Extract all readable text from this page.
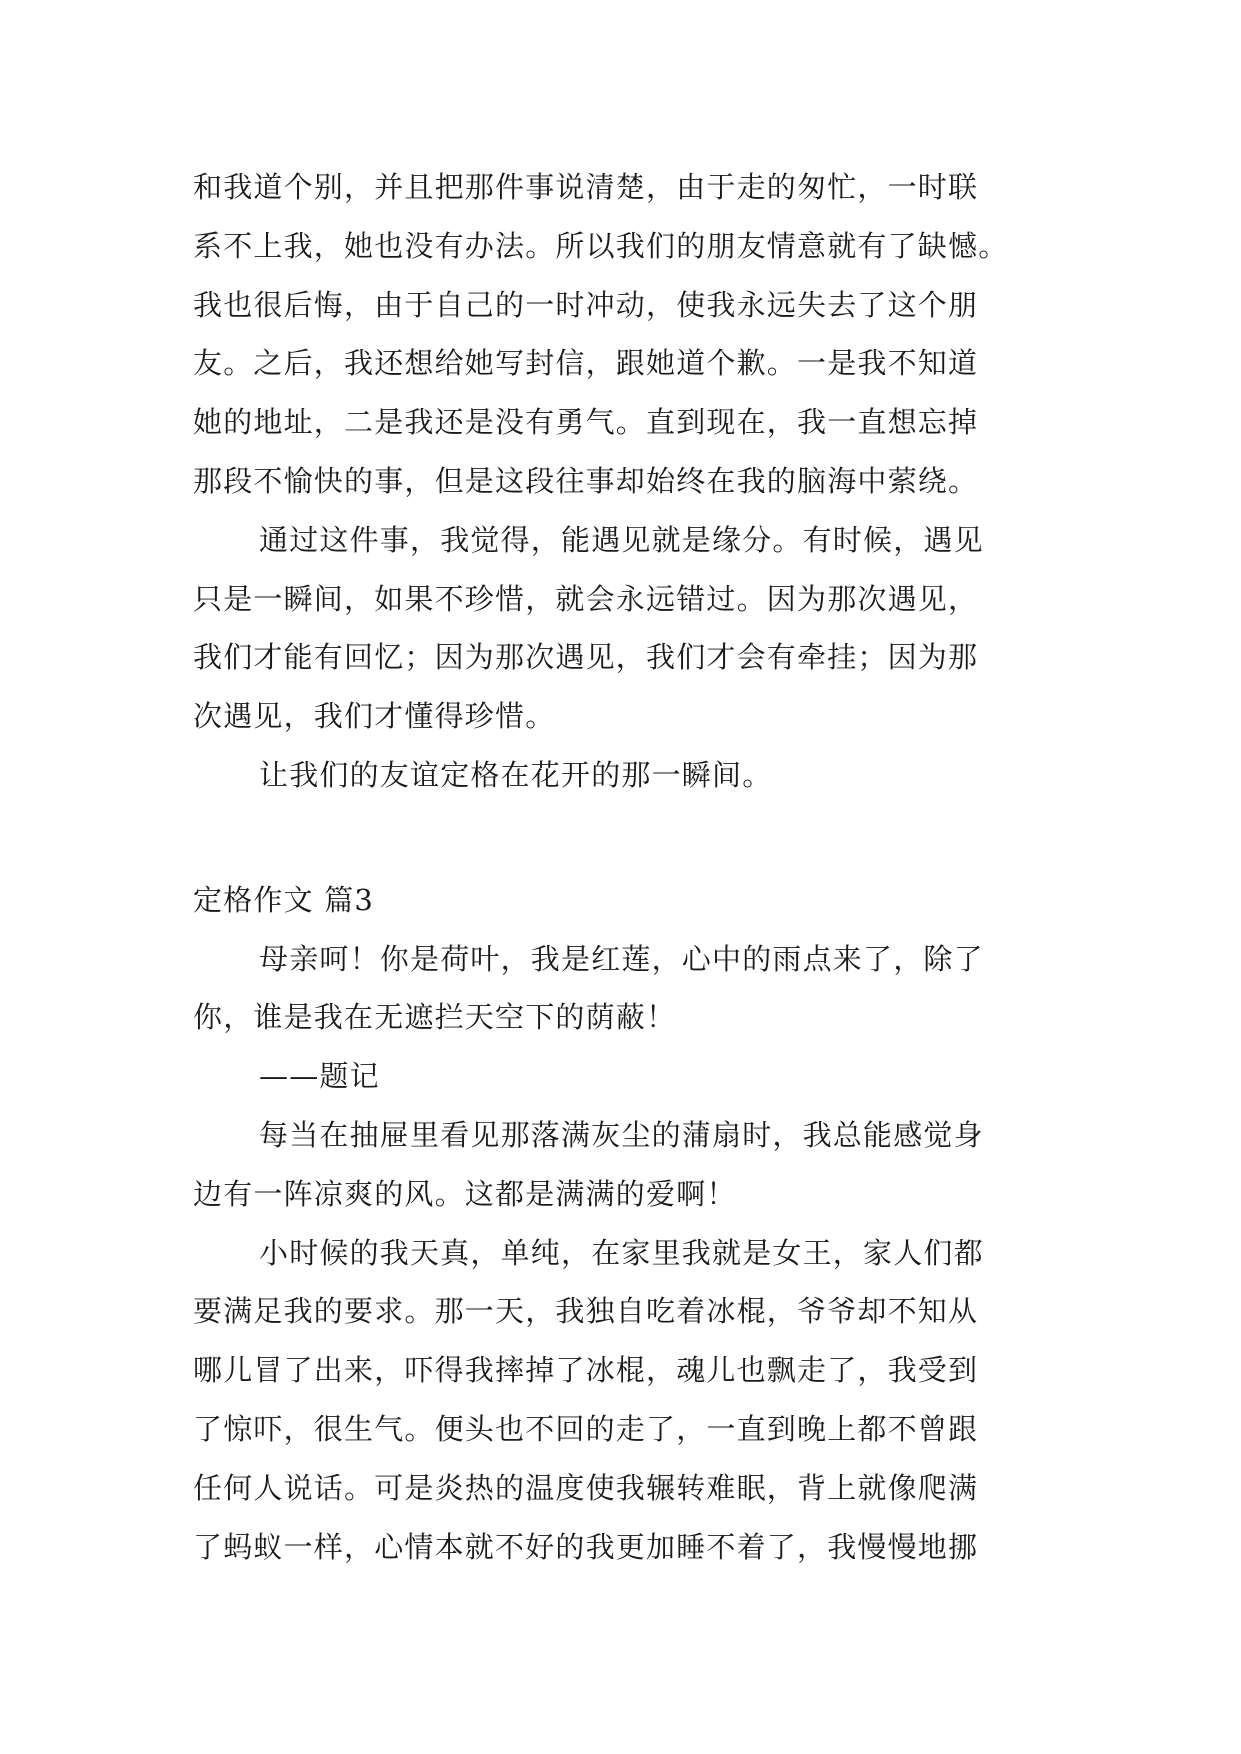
和我道个别，并且把那件事说清楚，由于走的匆忙，一时联
系不上我，她也没有办法。所以我们的朋友情意就有了缺憾。
我也很后悔，由于自己的一时冲动，使我永远失去了这个朋
友。之后，我还想给她写封信，跟她道个歉。一是我不知道
她的地址，二是我还是没有勇气。直到现在，我一直想忘掉
那段不愉快的事，但是这段往事却始终在我的脑海中萦绕。
通过这件事，我觉得，能遇见就是缘分。有时候，遇见
只是一瞬间，如果不珍惜，就会永远错过。因为那次遇见，
我们才能有回忆；因为那次遇见，我们才会有牵挂；因为那
次遇见，我们才懂得珍惜。
让我们的友谊定格在花开的那一瞬间。
定格作文 篇3
母亲呵！你是荷叶，我是红莲，心中的雨点来了，除了
你，谁是我在无遮拦天空下的荫蔽！
——题记
每当在抽屉里看见那落满灰尘的蒲扇时，我总能感觉身
边有一阵凉爽的风。这都是满满的爱啊！
小时候的我天真，单纯，在家里我就是女王，家人们都
要满足我的要求。那一天，我独自吃着冰棍，爷爷却不知从
哪儿冒了出来，吓得我摔掉了冰棍，魂儿也飘走了，我受到
了惊吓，很生气。便头也不回的走了，一直到晚上都不曾跟
任何人说话。可是炎热的温度使我辗转难眠，背上就像爬满
了蚂蚁一样，心情本就不好的我更加睡不着了，我慢慢地挪
